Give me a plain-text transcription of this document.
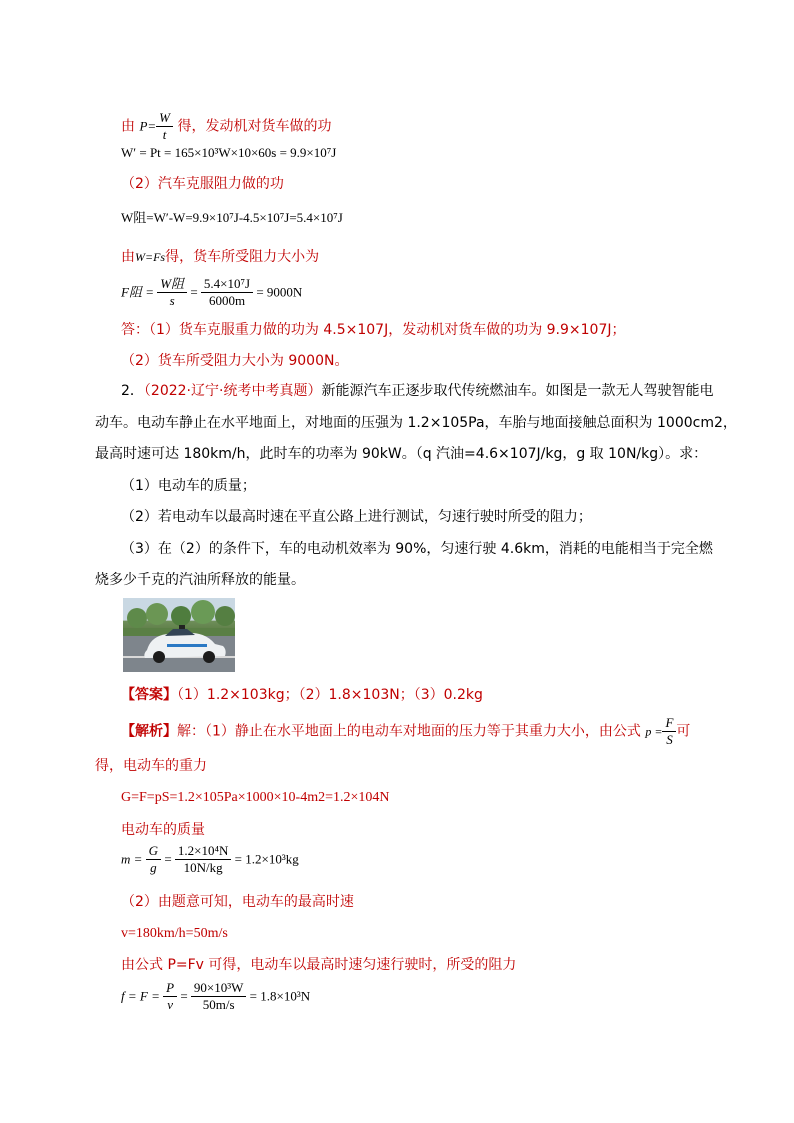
由 $P= \frac{W}{t}$ 得，发动机对货车做的功
W′ = Pt = 165×10³W×10×60s = 9.9×10⁷J
（2）汽车克服阻力做的功
W阻=W′-W=9.9×10⁷J-4.5×10⁷J=5.4×10⁷J
由W=Fs得，货车所受阻力大小为
F阻 = $\frac{\text{W阻}}{s} = \frac{\text{5.4×10⁷J}}{6000m} = 9000N$
答：（1）货车克服重力做的功为 4.5×107J，发动机对货车做的功为 9.9×107J；
（2）货车所受阻力大小为 9000N。
2．（2022·辽宁·统考中考真题）新能源汽车正逐步取代传统燃油车。如图是一款无人驾驶智能电
动车。电动车静止在水平地面上，对地面的压强为 1.2×105Pa，车胎与地面接触总面积为 1000cm2，
最高时速可达 180km/h，此时车的功率为 90kW。（q 汽油=4.6×107J/kg，g 取 10N/kg）。求：
（1）电动车的质量；
（2）若电动车以最高时速在平直公路上进行测试，匀速行驶时所受的阻力；
（3）在（2）的条件下，车的电动机效率为 90%，匀速行驶 4.6km，消耗的电能相当于完全燃
烧多少千克的汽油所释放的能量。
【答案】（1）1.2×103kg；（2）1.8×103N；（3）0.2kg
【解析】解：（1）静止在水平地面上的电动车对地面的压力等于其重力大小，由公式 $p = \frac{F}{S}$ 可
得，电动车的重力
G=F=pS=1.2×105Pa×1000×10-4m2=1.2×104N
电动车的质量
$m = \frac{G}{g} = \frac{\text{1.2×10⁴N}}{10N/kg} = 1.2\times 10^3kg$
（2）由题意可知，电动车的最高时速
v=180km/h=50m/s
由公式 P=Fv 可得，电动车以最高时速匀速行驶时，所受的阻力
$f = F = \frac{P}{v} = \frac{\text{90×10³W}}{50m/s} = 1.8\times 10^3N$
